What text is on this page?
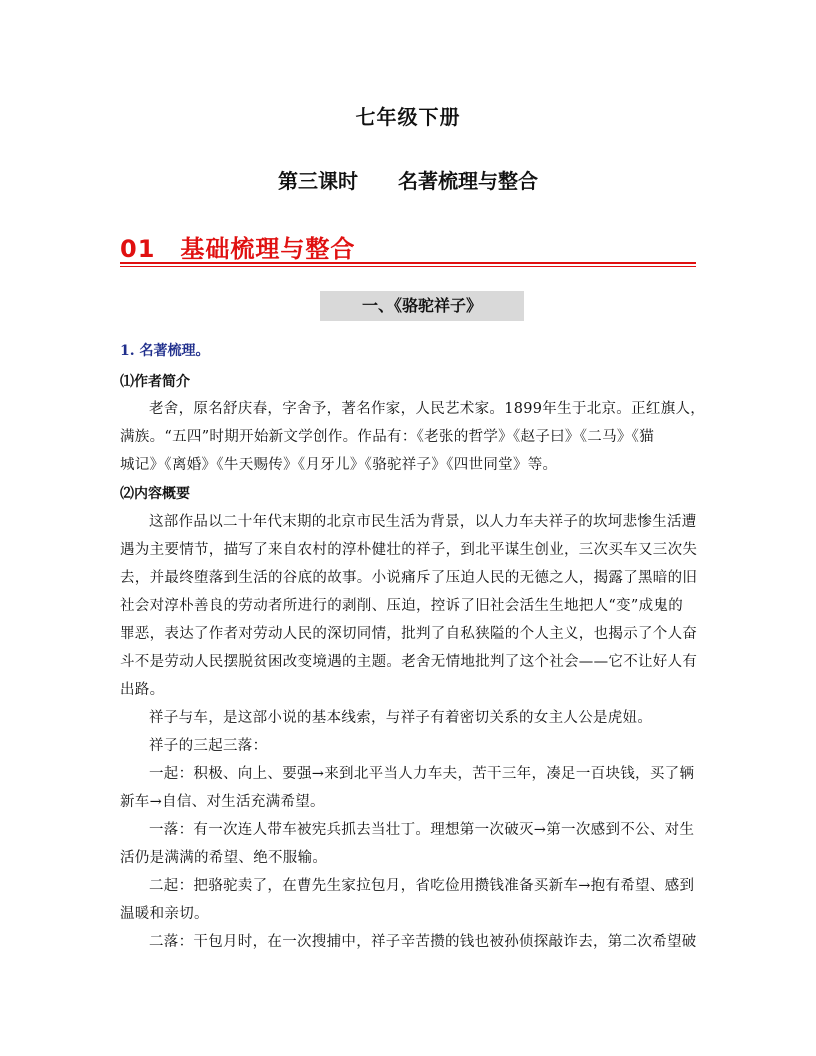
七年级下册
第三课时　　名著梳理与整合
01　基础梳理与整合
一、《骆驼祥子》
1. 名著梳理。
⑴作者简介
老舍，原名舒庆春，字舍予，著名作家，人民艺术家。1899年生于北京。正红旗人，
满族。“五四”时期开始新文学创作。作品有：《老张的哲学》《赵子曰》《二马》《猫
城记》《离婚》《牛天赐传》《月牙儿》《骆驼祥子》《四世同堂》等。
⑵内容概要
这部作品以二十年代末期的北京市民生活为背景，以人力车夫祥子的坎坷悲惨生活遭
遇为主要情节，描写了来自农村的淳朴健壮的祥子，到北平谋生创业，三次买车又三次失
去，并最终堕落到生活的谷底的故事。小说痛斥了压迫人民的无德之人，揭露了黑暗的旧
社会对淳朴善良的劳动者所进行的剥削、压迫，控诉了旧社会活生生地把人“变”成鬼的
罪恶，表达了作者对劳动人民的深切同情，批判了自私狭隘的个人主义，也揭示了个人奋
斗不是劳动人民摆脱贫困改变境遇的主题。老舍无情地批判了这个社会——它不让好人有
出路。
祥子与车，是这部小说的基本线索，与祥子有着密切关系的女主人公是虎妞。
祥子的三起三落：
一起：积极、向上、要强→来到北平当人力车夫，苦干三年，凑足一百块钱，买了辆
新车→自信、对生活充满希望。
一落：有一次连人带车被宪兵抓去当壮丁。理想第一次破灭→第一次感到不公、对生
活仍是满满的希望、绝不服输。
二起：把骆驼卖了，在曹先生家拉包月，省吃俭用攒钱准备买新车→抱有希望、感到
温暖和亲切。
二落：干包月时，在一次搜捕中，祥子辛苦攒的钱也被孙侦探敲诈去，第二次希望破
